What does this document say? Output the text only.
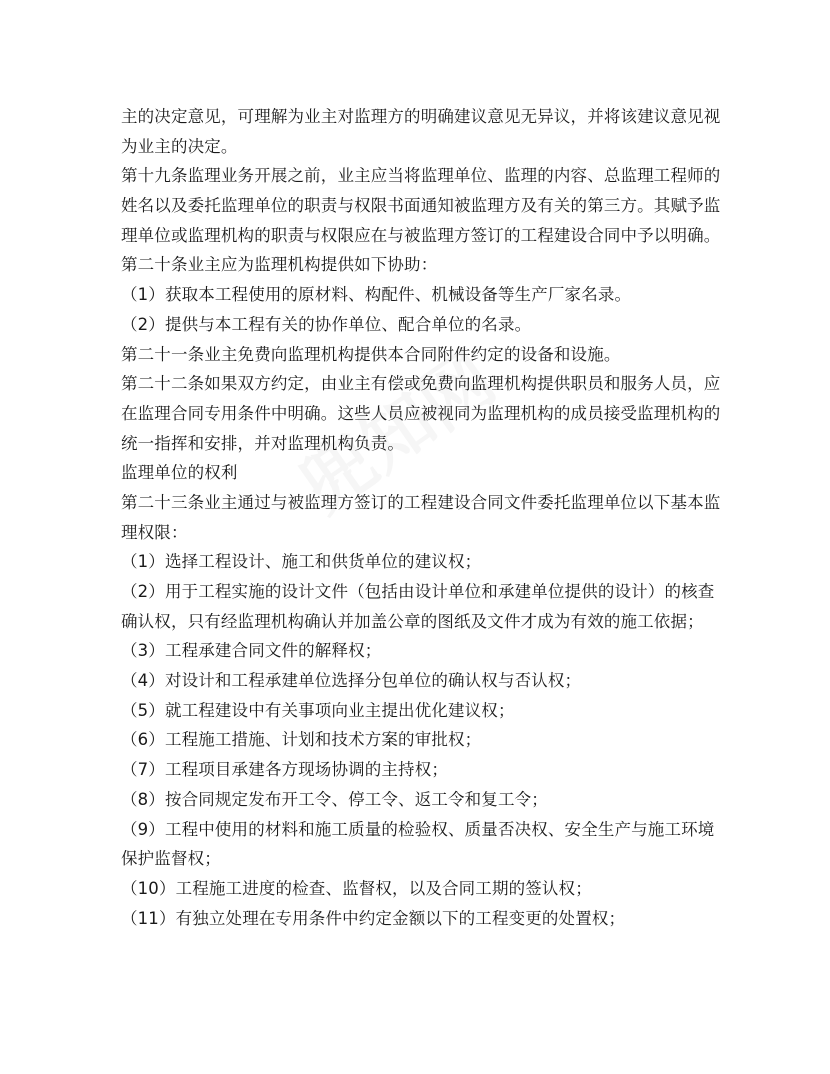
主的决定意见，可理解为业主对监理方的明确建议意见无异议，并将该建议意见视
为业主的决定。
第十九条监理业务开展之前，业主应当将监理单位、监理的内容、总监理工程师的
姓名以及委托监理单位的职责与权限书面通知被监理方及有关的第三方。其赋予监
理单位或监理机构的职责与权限应在与被监理方签订的工程建设合同中予以明确。
第二十条业主应为监理机构提供如下协助：
（1）获取本工程使用的原材料、构配件、机械设备等生产厂家名录。
（2）提供与本工程有关的协作单位、配合单位的名录。
第二十一条业主免费向监理机构提供本合同附件约定的设备和设施。
第二十二条如果双方约定，由业主有偿或免费向监理机构提供职员和服务人员，应
在监理合同专用条件中明确。这些人员应被视同为监理机构的成员接受监理机构的
统一指挥和安排，并对监理机构负责。
监理单位的权利
第二十三条业主通过与被监理方签订的工程建设合同文件委托监理单位以下基本监
理权限：
（1）选择工程设计、施工和供货单位的建议权；
（2）用于工程实施的设计文件（包括由设计单位和承建单位提供的设计）的核查
确认权，只有经监理机构确认并加盖公章的图纸及文件才成为有效的施工依据；
（3）工程承建合同文件的解释权；
（4）对设计和工程承建单位选择分包单位的确认权与否认权；
（5）就工程建设中有关事项向业主提出优化建议权；
（6）工程施工措施、计划和技术方案的审批权；
（7）工程项目承建各方现场协调的主持权；
（8）按合同规定发布开工令、停工令、返工令和复工令；
（9）工程中使用的材料和施工质量的检验权、质量否决权、安全生产与施工环境
保护监督权；
（10）工程施工进度的检查、监督权，以及合同工期的签认权；
（11）有独立处理在专用条件中约定金额以下的工程变更的处置权；
